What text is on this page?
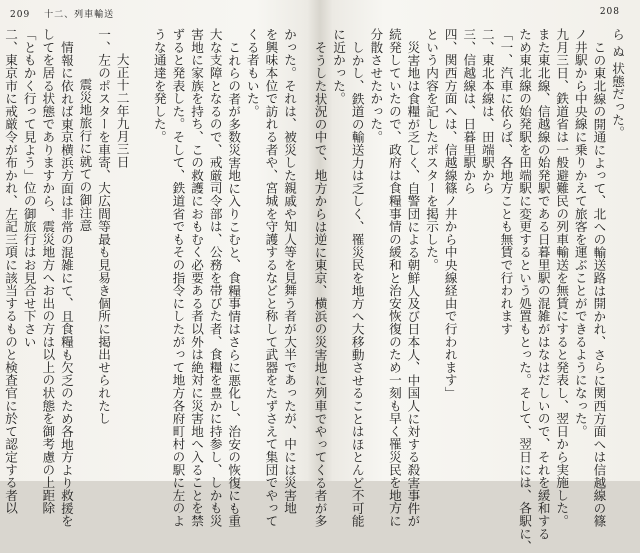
209 十二、列車輸送
かった。それは、被災した親戚や知人等を見舞う者が大半であったが、中には災害地
を興味本位で訪れる者や、宮城を守護するなどと称して武器をたずさえて集団でやって
くる者もいた。
これらの者が多数災害地に入りこむと、食糧事情はさらに悪化し、治安の恢復にも重
大な支障となるので、戒厳司令部は、公務を帯びた者、食糧を豊かに持参し、しかも災
害地に家族を持ち、この救護におもむく必要ある者以外は絶対に災害地へ入ることを禁
ずると発表した。そして、鉄道省でもその指令にしたがって地方各府町村の駅に左のよ
うな通達を発した。
大正十二年九月三日
一、左のポスターを車寄、大広間等最も見易き個所に掲出せられたし
震災地旅行に就ての御注意
情報に依れば東京横浜方面は非常の混雑にて、且食糧も欠乏のため各地方より救援を
してを居る状態でありますから、震災地方へお出の方は以上の状態を御考慮の上距除
「ともかく行って見よう」位の御旅行はお見合せ下さい
二、東京市に戒厳令が布かれ、左記三項に該当するものと検査官に於て認定する者以
208
ら ぬ 状態だった。
この東北線の開通によって、北への輸送路は開かれ、さらに関西方面へは信越線の篠
ノ井駅から中央線に乗りかえて旅客を運ぶことができるようになった。
九月三日、鉄道省は一般避難民の列車輸送を無賃にすると発表し、翌日から実施した。
また東北線、信越線の始発駅である日暮里駅の混雑がはなはだしいので、それを緩和する
ため東北線の始発駅を田端駅に変更するという処置もとった。そして、翌日には、各駅に、
「一、汽車に依らば、各地方ことも無賃で行われます
二、東北本線は、田端駅から
三、信越線は、日暮里駅から
四、関西方面へは、信越線篠ノ井から中央線経由で行われます」
という内容を記したポスターを掲示した。
災害地は食糧が乏しく、自警団による朝鮮人及び日本人、中国人に対する殺害事件が
続発していたので、政府は食糧事情の緩和と治安恢復のため一刻も早く罹災民を地方に
分散させたかった。
しかし、鉄道の輸送力は乏しく、罹災民を地方へ大移動させることはほとんど不可能
に近かった。
そうした状況の中で、地方からは逆に東京、横浜の災害地に列車でやってくる者が多
